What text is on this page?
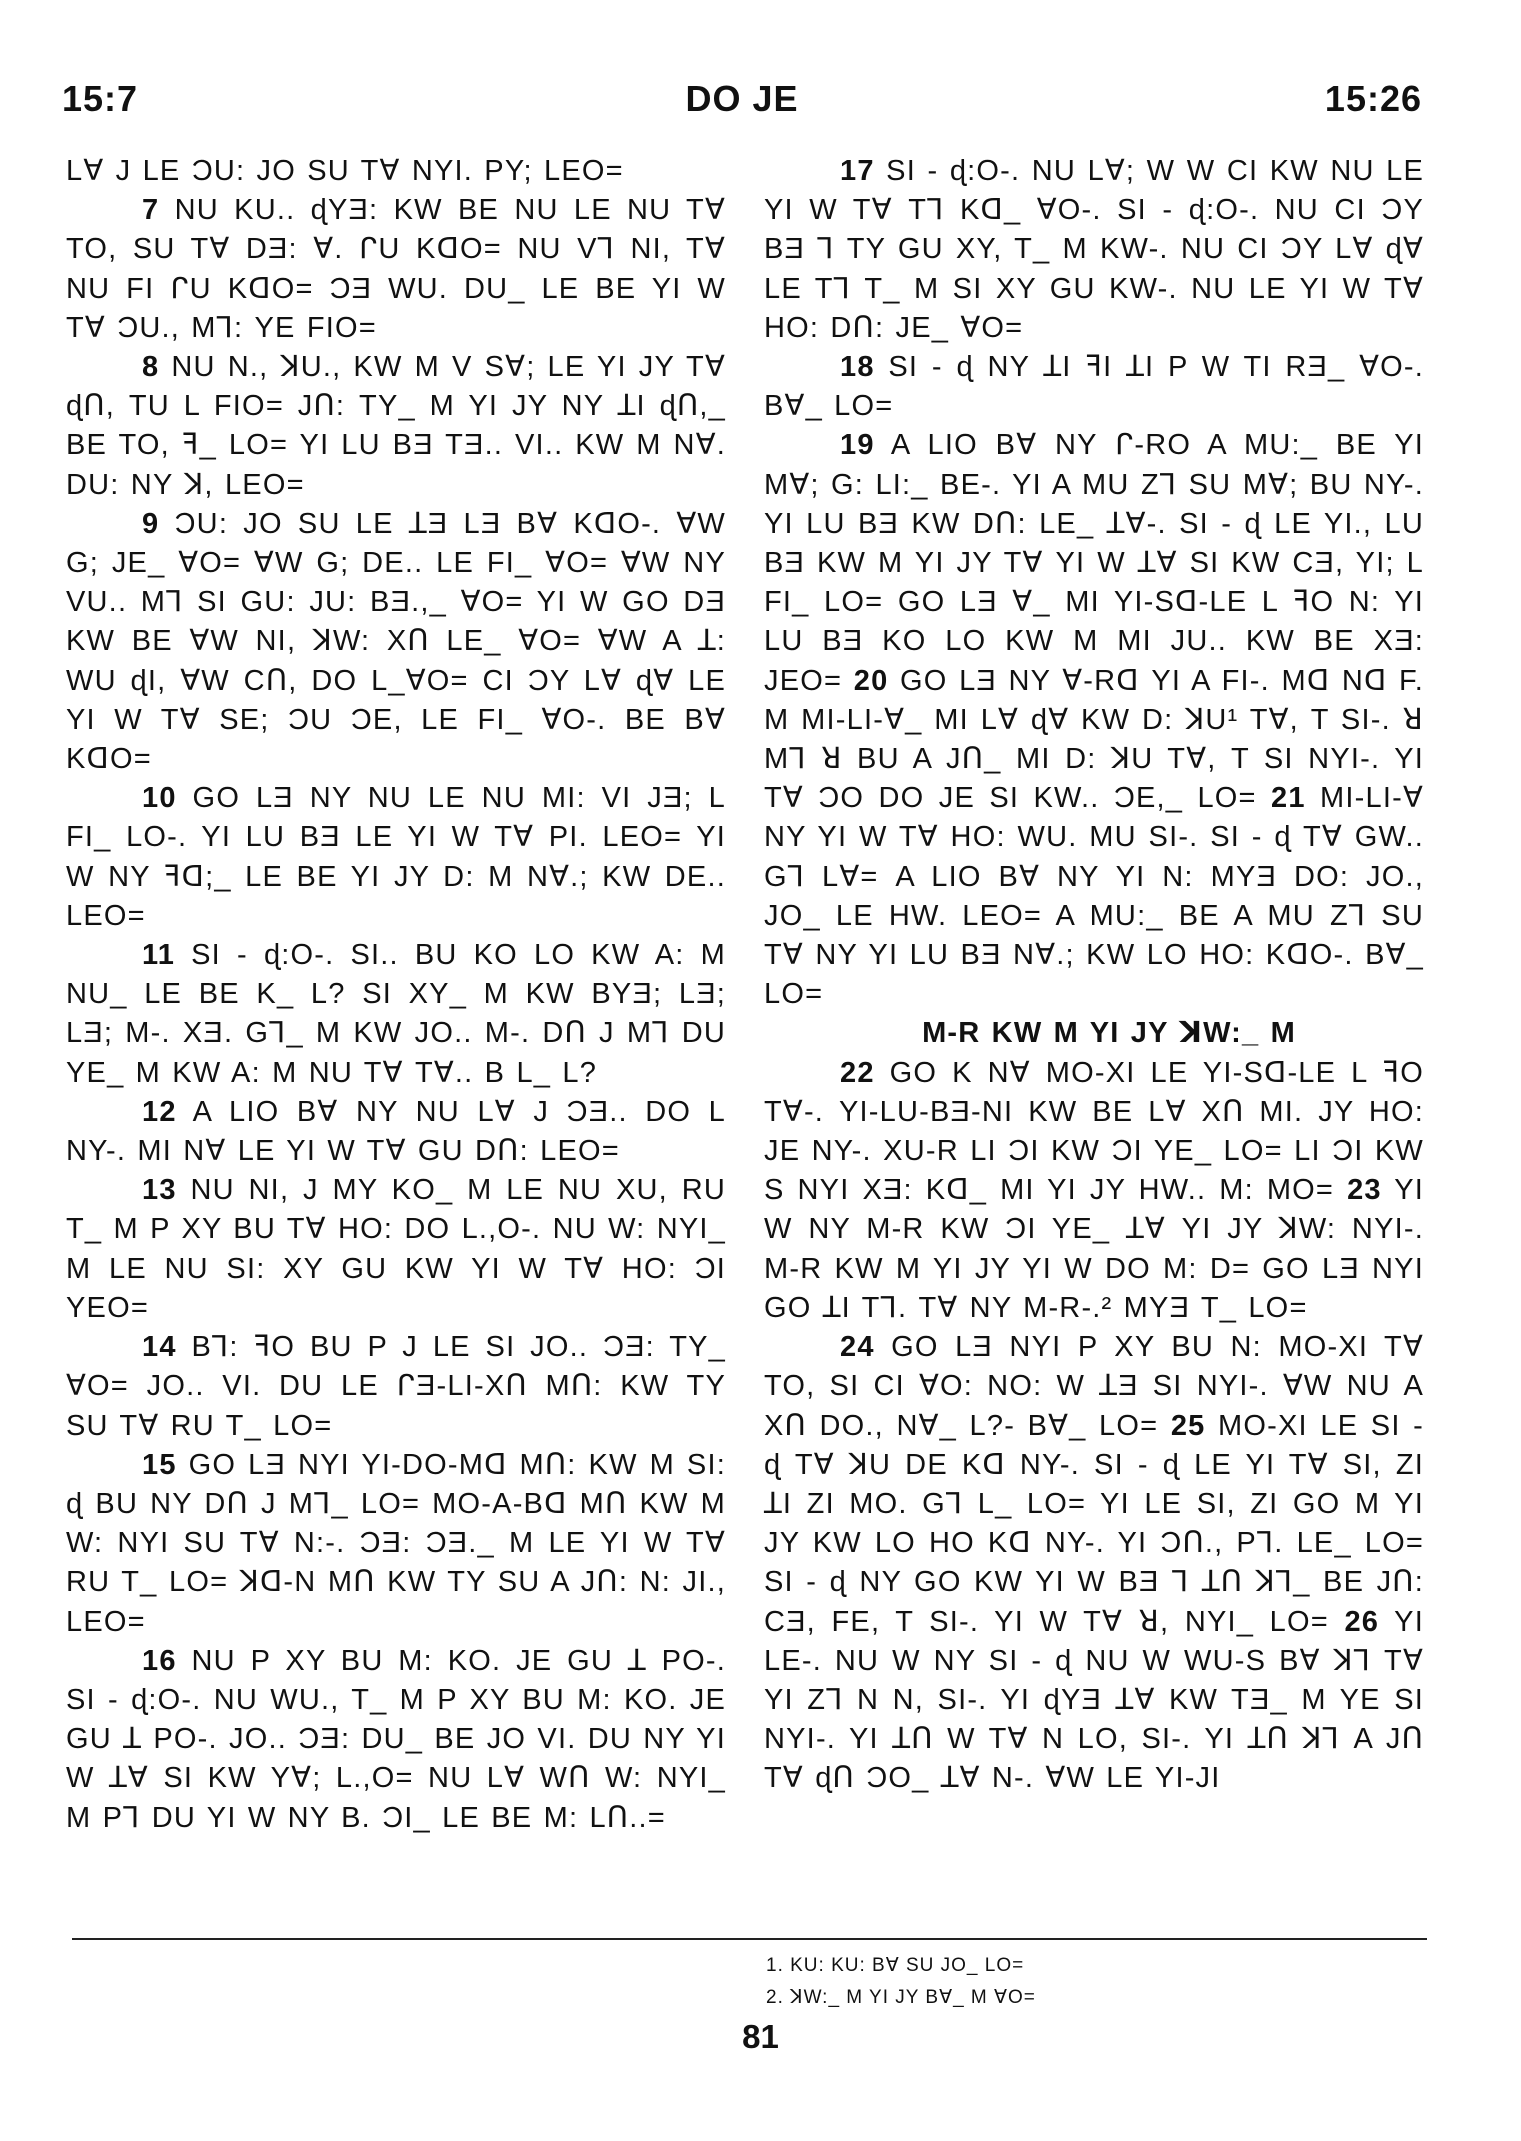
15:7	DO JE	15:26

Lꓯ J LE ƆU: JO SU Tꓯ NYI. PY; LEO=

7 NU KU.. ɖYƎ: KW BE NU LE NU Tꓯ TO, SU Tꓯ DƎ: ꓯ. ᒋU KᗡO= NU Vꓶ NI, Tꓯ NU FI ᒋU KᗡO= ƆƎ WU. DU_ LE BE YI W Tꓯ ƆU., Mꓶ: YE FIO=

8 NU N., ꓘU., KW M V Sꓯ; LE YI JY Tꓯ ɖՈ, TU L FIO= JՈ: TY_ M YI JY NY ꓕI ɖՈ,_ BE TO, ꟻ_ LO= YI LU BƎ TƎ.. VI.. KW M Nꓯ. DU: NY ꓘ, LEO=

9 ƆU: JO SU LE ꓕƎ LƎ Bꓯ KᗡO-. ꓯW G; JE_ ꓯO= ꓯW G; DE.. LE FI_ ꓯO= ꓯW NY VU.. Mꓶ SI GU: JU: BƎ.,_ ꓯO= YI W GO DƎ KW BE ꓯW NI, ꓘW: XՈ LE_ ꓯO= ꓯW A ꓕ: WU ɖI, ꓯW CՈ, DO L_ꓯO= CI ƆY Lꓯ ɖꓯ LE YI W Tꓯ SE; ƆU ƆE, LE FI_ ꓯO-. BE Bꓯ KᗡO=

10 GO LƎ NY NU LE NU MI: VI JƎ; L FI_ LO-. YI LU BƎ LE YI W Tꓯ PI. LEO= YI W NY ꟻᗡ;_ LE BE YI JY D: M Nꓯ.; KW DE.. LEO=

11 SI - ɖ:O-. SI.. BU KO LO KW A: M NU_ LE BE K_ L? SI XY_ M KW BYƎ; LƎ; LƎ; M-. XƎ. Gꓶ_ M KW JO.. M-. DՈ J Mꓶ DU YE_ M KW A: M NU Tꓯ Tꓯ.. B L_ L?

12 A LIO Bꓯ NY NU Lꓯ J ƆƎ.. DO L NY-. MI Nꓯ LE YI W Tꓯ GU DՈ: LEO=

13 NU NI, J MY KO_ M LE NU XU, RU T_ M P XY BU Tꓯ HO: DO L.,O-. NU W: NYI_ M LE NU SI: XY GU KW YI W Tꓯ HO: ƆI YEO=

14 Bꓶ: ꟻO BU P J LE SI JO.. ƆƎ: TY_ ꓯO= JO.. VI. DU LE ᒋƎ-LI-XՈ MՈ: KW TY SU Tꓯ RU T_ LO=

15 GO LƎ NYI YI-DO-Mᗡ MՈ: KW M SI: ɖ BU NY DՈ J Mꓶ_ LO= MO-A-Bᗡ MՈ KW M W: NYI SU Tꓯ N:-. ƆƎ: ƆƎ._ M LE YI W Tꓯ RU T_ LO= ꓘᗡ-N MՈ KW TY SU A JՈ: N: JI., LEO=

16 NU P XY BU M: KO. JE GU ꓕ PO-. SI - ɖ:O-. NU WU., T_ M P XY BU M: KO. JE GU ꓕ PO-. JO.. ƆƎ: DU_ BE JO VI. DU NY YI W ꓕꓯ SI KW Yꓯ; L.,O= NU Lꓯ WՈ W: NYI_ M Pꓶ DU YI W NY B. ƆI_ LE BE M: LՈ..=

17 SI - ɖ:O-. NU Lꓯ; W W CI KW NU LE YI W Tꓯ Tꓶ Kᗡ_ ꓯO-. SI - ɖ:O-. NU CI ƆY BƎ ꓶ TY GU XY, T_ M KW-. NU CI ƆY Lꓯ ɖꓯ LE Tꓶ T_ M SI XY GU KW-. NU LE YI W Tꓯ HO: DՈ: JE_ ꓯO=

18 SI - ɖ NY ꓕI ꟻI ꓕI P W TI RƎ_ ꓯO-. Bꓯ_ LO=

19 A LIO Bꓯ NY ᒋ-RO A MU:_ BE YI Mꓯ; G: LI:_ BE-. YI A MU Zꓶ SU Mꓯ; BU NY-. YI LU BƎ KW DՈ: LE_ ꓕꓯ-. SI - ɖ LE YI., LU BƎ KW M YI JY Tꓯ YI W ꓕꓯ SI KW CƎ, YI; L FI_ LO= GO LƎ ꓯ_ MI YI-Sᗡ-LE L ꟻO N: YI LU BƎ KO LO KW M MI JU.. KW BE XƎ: JEO= 20 GO LƎ NY ꓯ-Rᗡ YI A FI-. Mᗡ Nᗡ F. M MI-LI-ꓯ_ MI Lꓯ ɖꓯ KW D: ꓘU¹ Tꓯ, T SI-. ꓤ Mꓶ ꓤ BU A JՈ_ MI D: ꓘU Tꓯ, T SI NYI-. YI Tꓯ ƆO DO JE SI KW.. ƆE,_ LO= 21 MI-LI-ꓯ NY YI W Tꓯ HO: WU. MU SI-. SI - ɖ Tꓯ GW.. Gꓶ Lꓯ= A LIO Bꓯ NY YI N: MYƎ DO: JO., JO_ LE HW. LEO= A MU:_ BE A MU Zꓶ SU Tꓯ NY YI LU BƎ Nꓯ.; KW LO HO: KᗡO-. Bꓯ_ LO=

M-R KW M YI JY ꓘW:_ M

22 GO K Nꓯ MO-XI LE YI-Sᗡ-LE L ꟻO Tꓯ-. YI-LU-BƎ-NI KW BE Lꓯ XՈ MI. JY HO: JE NY-. XU-R LI ƆI KW ƆI YE_ LO= LI ƆI KW S NYI XƎ: Kᗡ_ MI YI JY HW.. M: MO= 23 YI W NY M-R KW ƆI YE_ ꓕꓯ YI JY ꓘW: NYI-. M-R KW M YI JY YI W DO M: D= GO LƎ NYI GO ꓕI Tꓶ. Tꓯ NY M-R-.² MYƎ T_ LO=

24 GO LƎ NYI P XY BU N: MO-XI Tꓯ TO, SI CI ꓯO: NO: W ꓕƎ SI NYI-. ꓯW NU A XՈ DO., Nꓯ_ L?- Bꓯ_ LO= 25 MO-XI LE SI - ɖ Tꓯ ꓘU DE Kᗡ NY-. SI - ɖ LE YI Tꓯ SI, ZI ꓕI ZI MO. Gꓶ L_ LO= YI LE SI, ZI GO M YI JY KW LO HO Kᗡ NY-. YI ƆՈ., Pꓶ. LE_ LO= SI - ɖ NY GO KW YI W BƎ ꓶ ꓕՈ ꓘꓶ_ BE JՈ: CƎ, FE, T SI-. YI W Tꓯ ꓤ, NYI_ LO= 26 YI LE-. NU W NY SI - ɖ NU W WU-S Bꓯ ꓘꓶ Tꓯ YI Zꓶ N N, SI-. YI ɖYƎ ꓕꓯ KW TƎ_ M YE SI NYI-. YI ꓕՈ W Tꓯ N LO, SI-. YI ꓕՈ ꓘꓶ A JՈ Tꓯ ɖՈ ƆO_ ꓕꓯ N-. ꓯW LE YI-JI

1. KU: KU: Bꓯ SU JO_ LO=
2. ꓘW:_ M YI JY Bꓯ_ M ꓯO=
81
